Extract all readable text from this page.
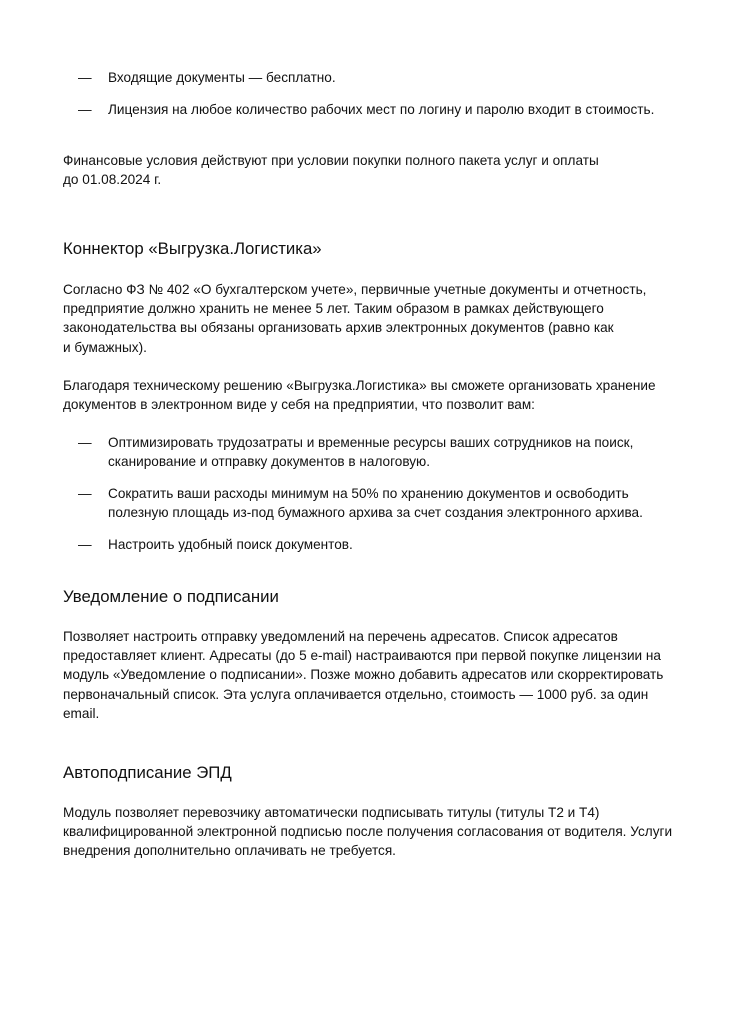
— Входящие документы — бесплатно.
— Лицензия на любое количество рабочих мест по логину и паролю входит в стоимость.

Финансовые условия действуют при условии покупки полного пакета услуг и оплаты
до 01.08.2024 г.

Коннектор «Выгрузка.Логистика»

Согласно ФЗ № 402 «О бухгалтерском учете», первичные учетные документы и отчетность,
предприятие должно хранить не менее 5 лет. Таким образом в рамках действующего
законодательства вы обязаны организовать архив электронных документов (равно как
и бумажных).

Благодаря техническому решению «Выгрузка.Логистика» вы сможете организовать хранение
документов в электронном виде у себя на предприятии, что позволит вам:

— Оптимизировать трудозатраты и временные ресурсы ваших сотрудников на поиск,
сканирование и отправку документов в налоговую.
— Сократить ваши расходы минимум на 50% по хранению документов и освободить
полезную площадь из-под бумажного архива за счет создания электронного архива.
— Настроить удобный поиск документов.
Уведомление о подписании

Позволяет настроить отправку уведомлений на перечень адресатов. Список адресатов
предоставляет клиент. Адресаты (до 5 e-mail) настраиваются при первой покупке лицензии на
модуль «Уведомление о подписании». Позже можно добавить адресатов или скорректировать
первоначальный список. Эта услуга оплачивается отдельно, стоимость — 1000 руб. за один
email.

Автоподписание ЭПД

Модуль позволяет перевозчику автоматически подписывать титулы (титулы Т2 и Т4)
квалифицированной электронной подписью после получения согласования от водителя. Услуги
внедрения дополнительно оплачивать не требуется.
